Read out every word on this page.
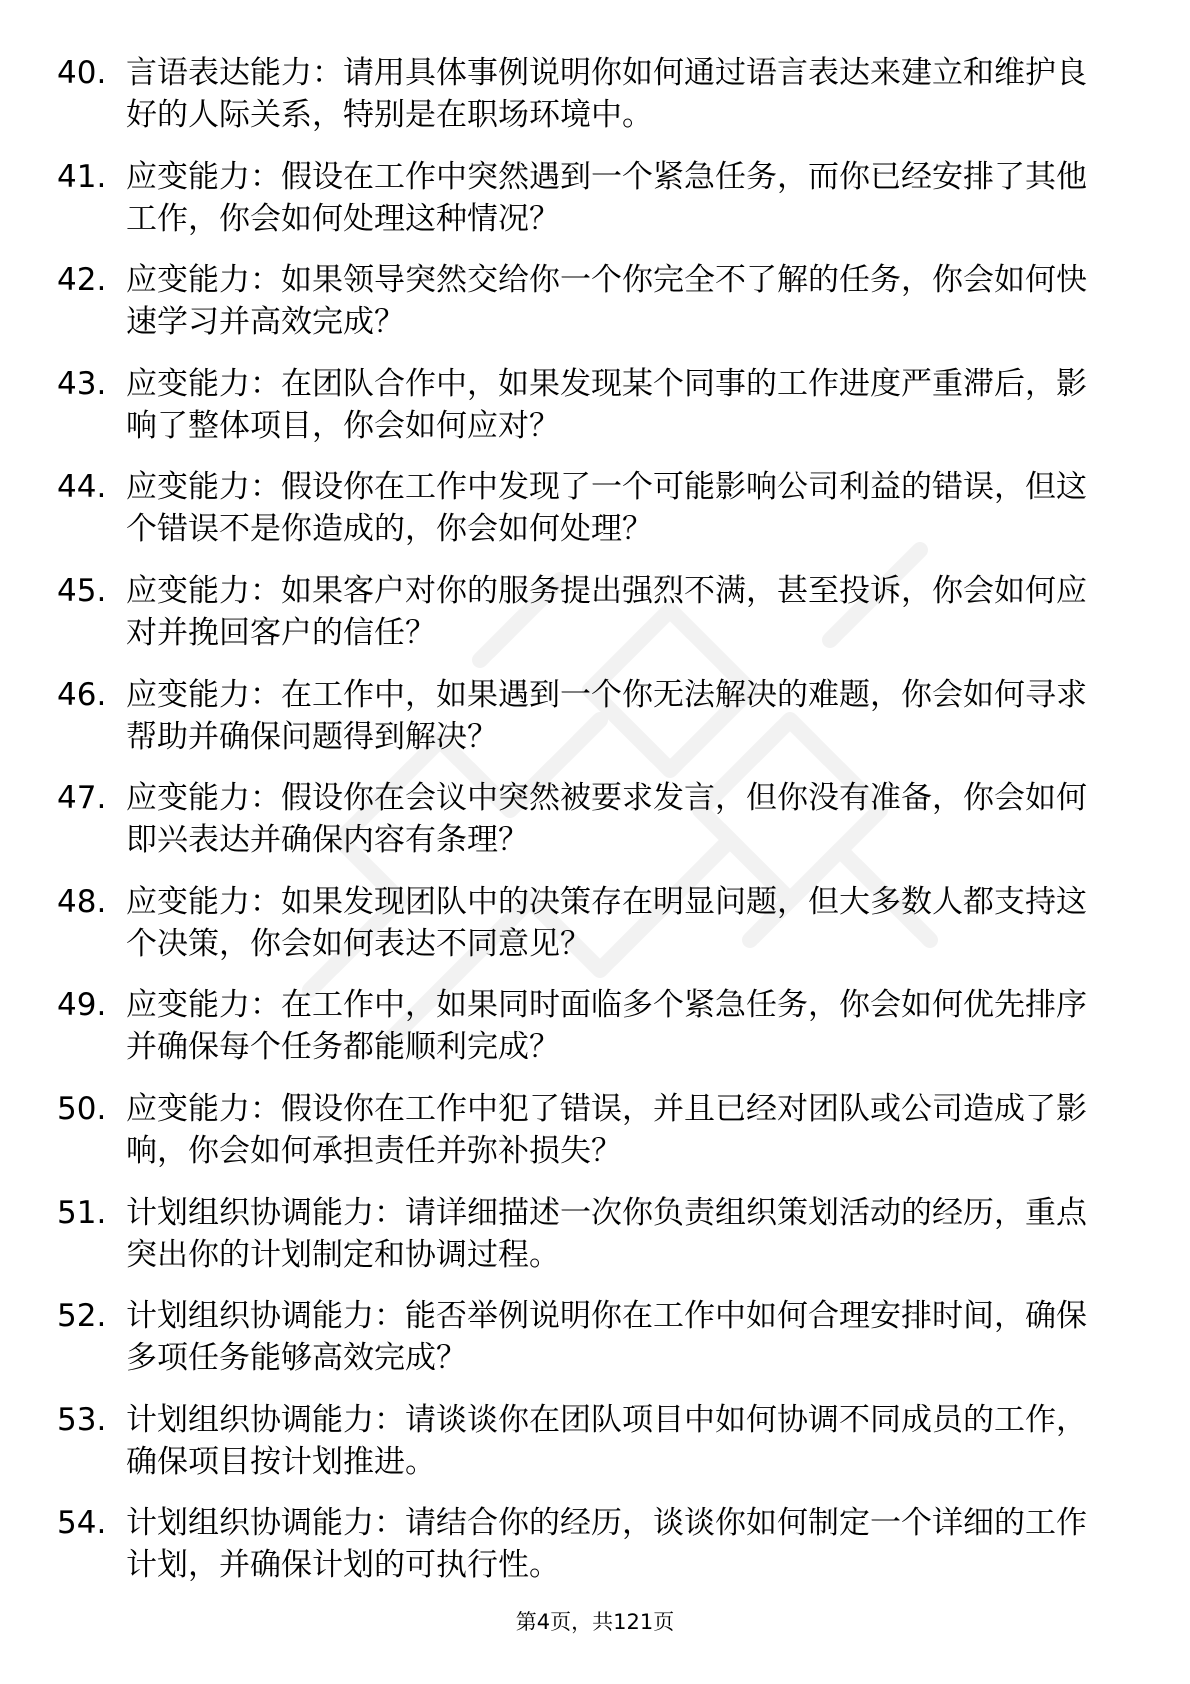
40. 言语表达能力：请用具体事例说明你如何通过语言表达来建立和维护良好的人际关系，特别是在职场环境中。
41. 应变能力：假设在工作中突然遇到一个紧急任务，而你已经安排了其他工作，你会如何处理这种情况？
42. 应变能力：如果领导突然交给你一个你完全不了解的任务，你会如何快速学习并高效完成？
43. 应变能力：在团队合作中，如果发现某个同事的工作进度严重滞后，影响了整体项目，你会如何应对？
44. 应变能力：假设你在工作中发现了一个可能影响公司利益的错误，但这个错误不是你造成的，你会如何处理？
45. 应变能力：如果客户对你的服务提出强烈不满，甚至投诉，你会如何应对并挽回客户的信任？
46. 应变能力：在工作中，如果遇到一个你无法解决的难题，你会如何寻求帮助并确保问题得到解决？
47. 应变能力：假设你在会议中突然被要求发言，但你没有准备，你会如何即兴表达并确保内容有条理？
48. 应变能力：如果发现团队中的决策存在明显问题，但大多数人都支持这个决策，你会如何表达不同意见？
49. 应变能力：在工作中，如果同时面临多个紧急任务，你会如何优先排序并确保每个任务都能顺利完成？
50. 应变能力：假设你在工作中犯了错误，并且已经对团队或公司造成了影响，你会如何承担责任并弥补损失？
51. 计划组织协调能力：请详细描述一次你负责组织策划活动的经历，重点突出你的计划制定和协调过程。
52. 计划组织协调能力：能否举例说明你在工作中如何合理安排时间，确保多项任务能够高效完成？
53. 计划组织协调能力：请谈谈你在团队项目中如何协调不同成员的工作，确保项目按计划推进。
54. 计划组织协调能力：请结合你的经历，谈谈你如何制定一个详细的工作计划，并确保计划的可执行性。
第4页，共121页
